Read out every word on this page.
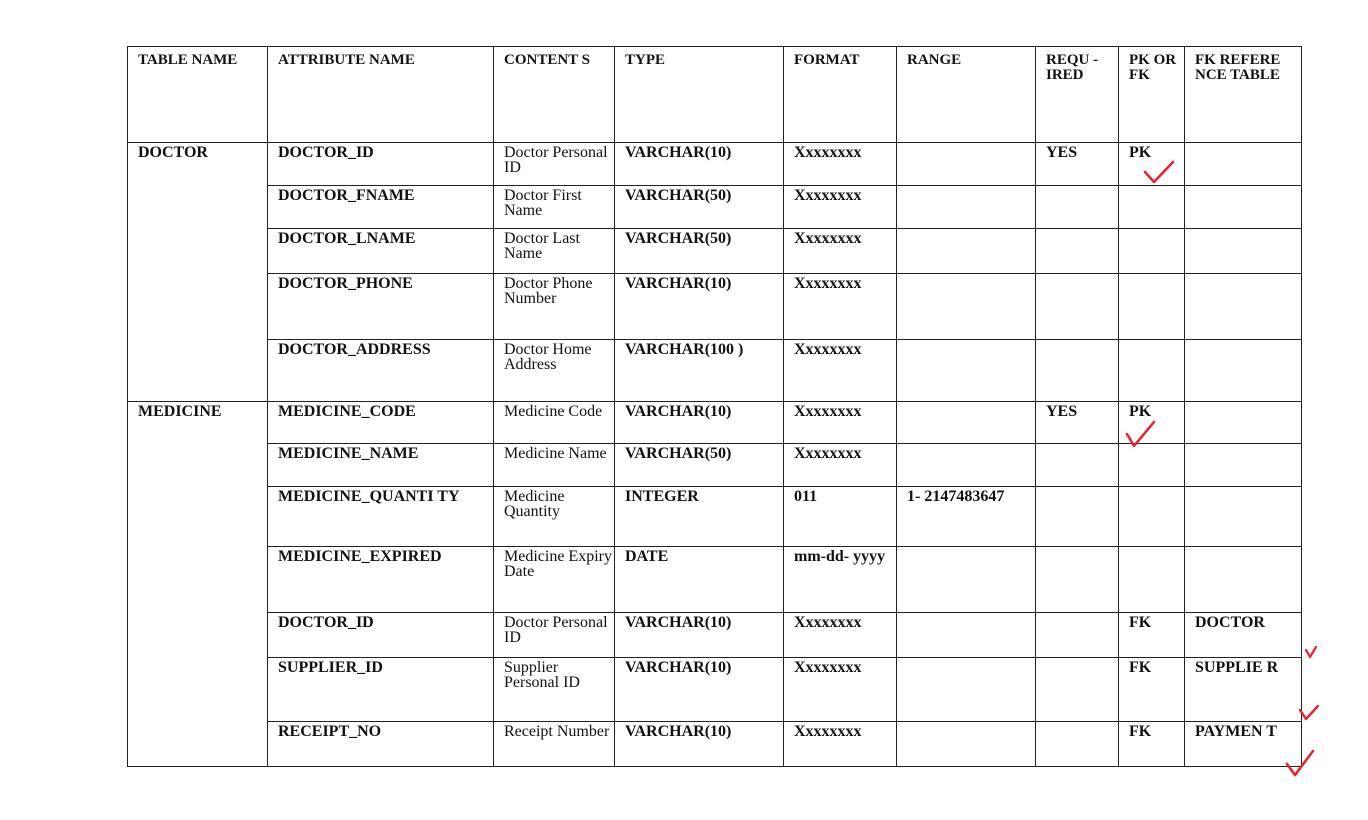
TABLE NAME	ATTRIBUTE NAME	CONTENT S	TYPE	FORMAT	RANGE	REQU - IRED	PK OR FK	FK REFERE NCE TABLE
DOCTOR	DOCTOR_ID	Doctor Personal ID	VARCHAR(10)	Xxxxxxxx		YES	PK	
	DOCTOR_FNAME	Doctor First Name	VARCHAR(50)	Xxxxxxxx				
	DOCTOR_LNAME	Doctor Last Name	VARCHAR(50)	Xxxxxxxx				
	DOCTOR_PHONE	Doctor Phone Number	VARCHAR(10)	Xxxxxxxx				
	DOCTOR_ADDRESS	Doctor Home Address	VARCHAR(100 )	Xxxxxxxx				
MEDICINE	MEDICINE_CODE	Medicine Code	VARCHAR(10)	Xxxxxxxx		YES	PK	
	MEDICINE_NAME	Medicine Name	VARCHAR(50)	Xxxxxxxx				
	MEDICINE_QUANTI TY	Medicine Quantity	INTEGER	011	1- 2147483647			
	MEDICINE_EXPIRED	Medicine Expiry Date	DATE	mm-dd- yyyy				
	DOCTOR_ID	Doctor Personal ID	VARCHAR(10)	Xxxxxxxx			FK	DOCTOR
	SUPPLIER_ID	Supplier Personal ID	VARCHAR(10)	Xxxxxxxx			FK	SUPPLIE R
	RECEIPT_NO	Receipt Number	VARCHAR(10)	Xxxxxxxx			FK	PAYMEN T
